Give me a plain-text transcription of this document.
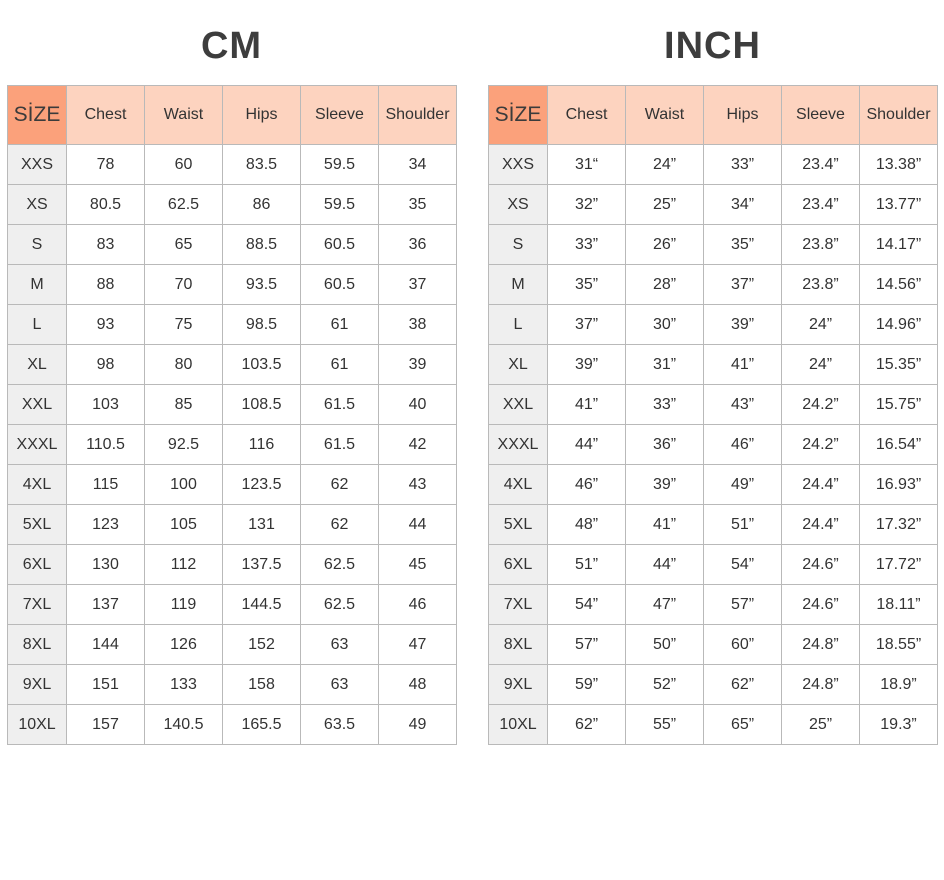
CM
SİZE	Chest	Waist	Hips	Sleeve	Shoulder
XXS	78	60	83.5	59.5	34
XS	80.5	62.5	86	59.5	35
S	83	65	88.5	60.5	36
M	88	70	93.5	60.5	37
L	93	75	98.5	61	38
XL	98	80	103.5	61	39
XXL	103	85	108.5	61.5	40
XXXL	110.5	92.5	116	61.5	42
4XL	115	100	123.5	62	43
5XL	123	105	131	62	44
6XL	130	112	137.5	62.5	45
7XL	137	119	144.5	62.5	46
8XL	144	126	152	63	47
9XL	151	133	158	63	48
10XL	157	140.5	165.5	63.5	49
INCH
SİZE	Chest	Waist	Hips	Sleeve	Shoulder
XXS	31“	24”	33”	23.4”	13.38”
XS	32”	25”	34”	23.4”	13.77”
S	33”	26”	35”	23.8”	14.17”
M	35”	28”	37”	23.8”	14.56”
L	37”	30”	39”	24”	14.96”
XL	39”	31”	41”	24”	15.35”
XXL	41”	33”	43”	24.2”	15.75”
XXXL	44”	36”	46”	24.2”	16.54”
4XL	46”	39”	49”	24.4”	16.93”
5XL	48”	41”	51”	24.4”	17.32”
6XL	51”	44”	54”	24.6”	17.72”
7XL	54”	47”	57”	24.6”	18.11”
8XL	57”	50”	60”	24.8”	18.55”
9XL	59”	52”	62”	24.8”	18.9”
10XL	62”	55”	65”	25”	19.3”
